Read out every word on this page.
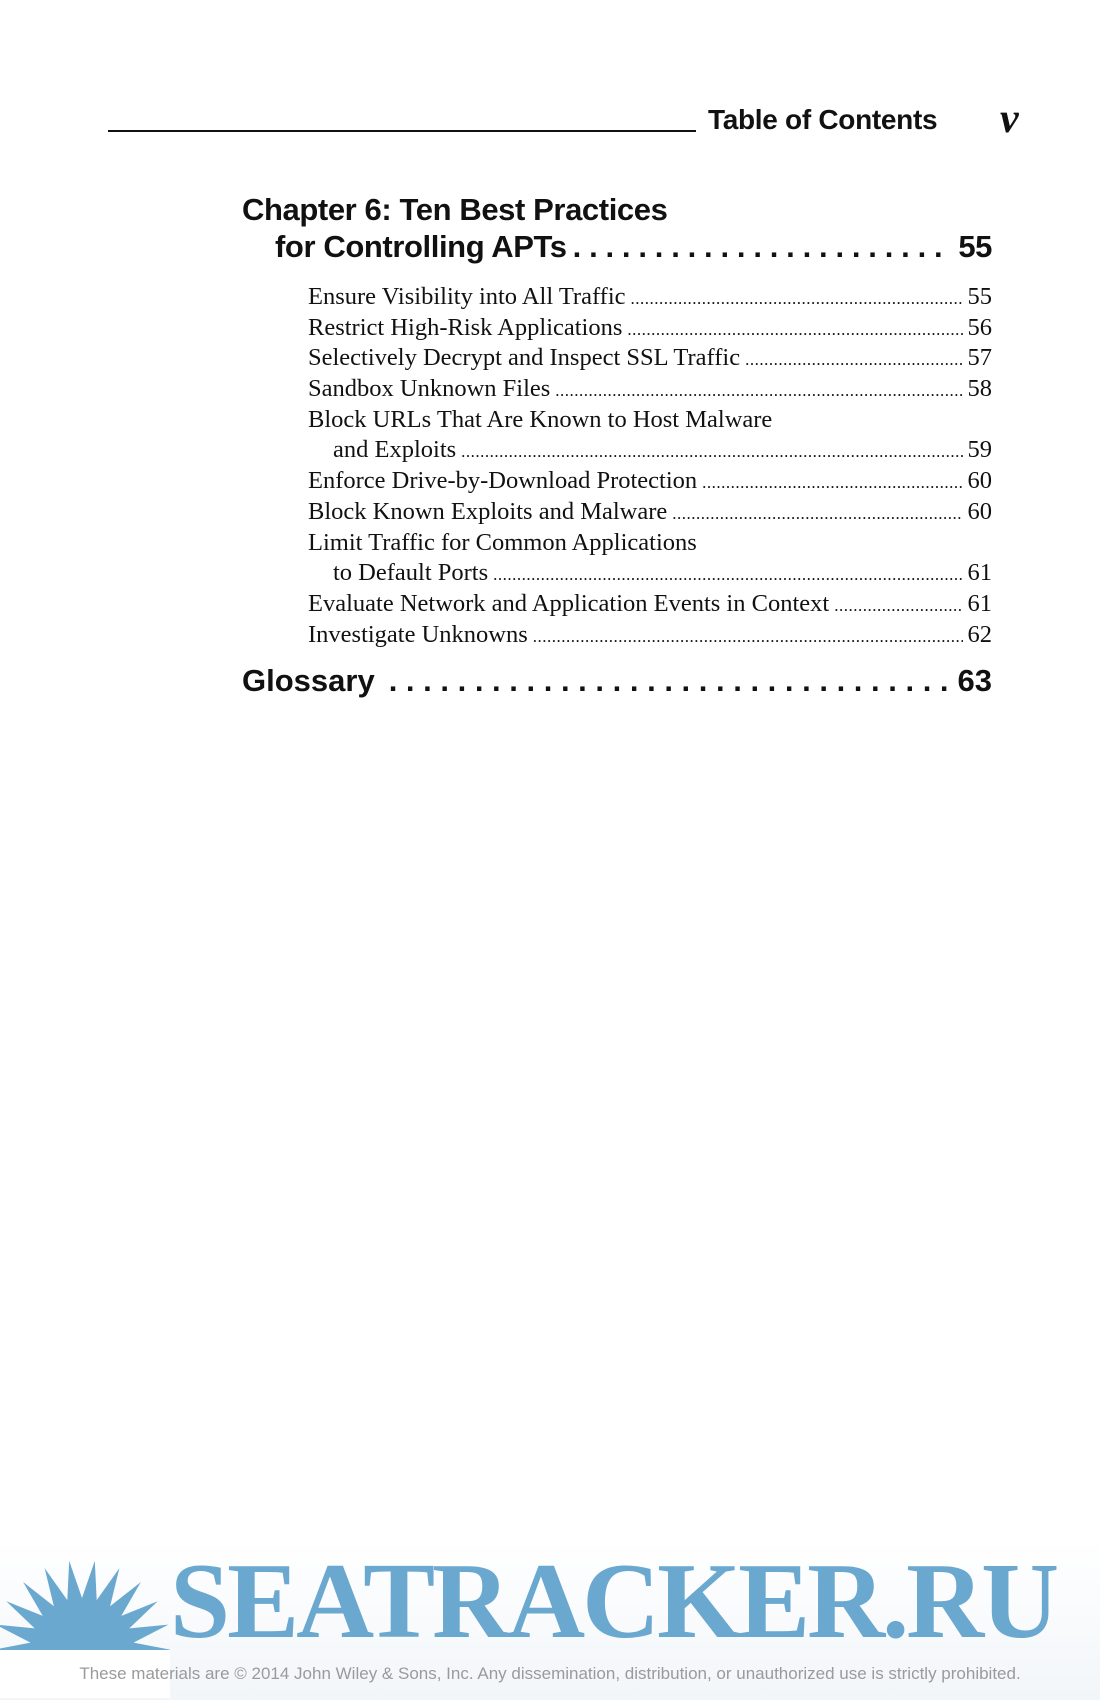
Table of Contents v
Chapter 6: Ten Best Practices
for Controlling APTs . . .	55
Ensure Visibility into All Traffic .....	55
Restrict High-Risk Applications .....	56
Selectively Decrypt and Inspect SSL Traffic .....	57
Sandbox Unknown Files .....	58
Block URLs That Are Known to Host Malware
and Exploits .....	59
Enforce Drive-by-Download Protection .....	60
Block Known Exploits and Malware .....	60
Limit Traffic for Common Applications
to Default Ports .....	61
Evaluate Network and Application Events in Context .....	61
Investigate Unknowns .....	62
Glossary . . .	63
SEATRACKER.RU
These materials are © 2014 John Wiley & Sons, Inc. Any dissemination, distribution, or unauthorized use is strictly prohibited.
